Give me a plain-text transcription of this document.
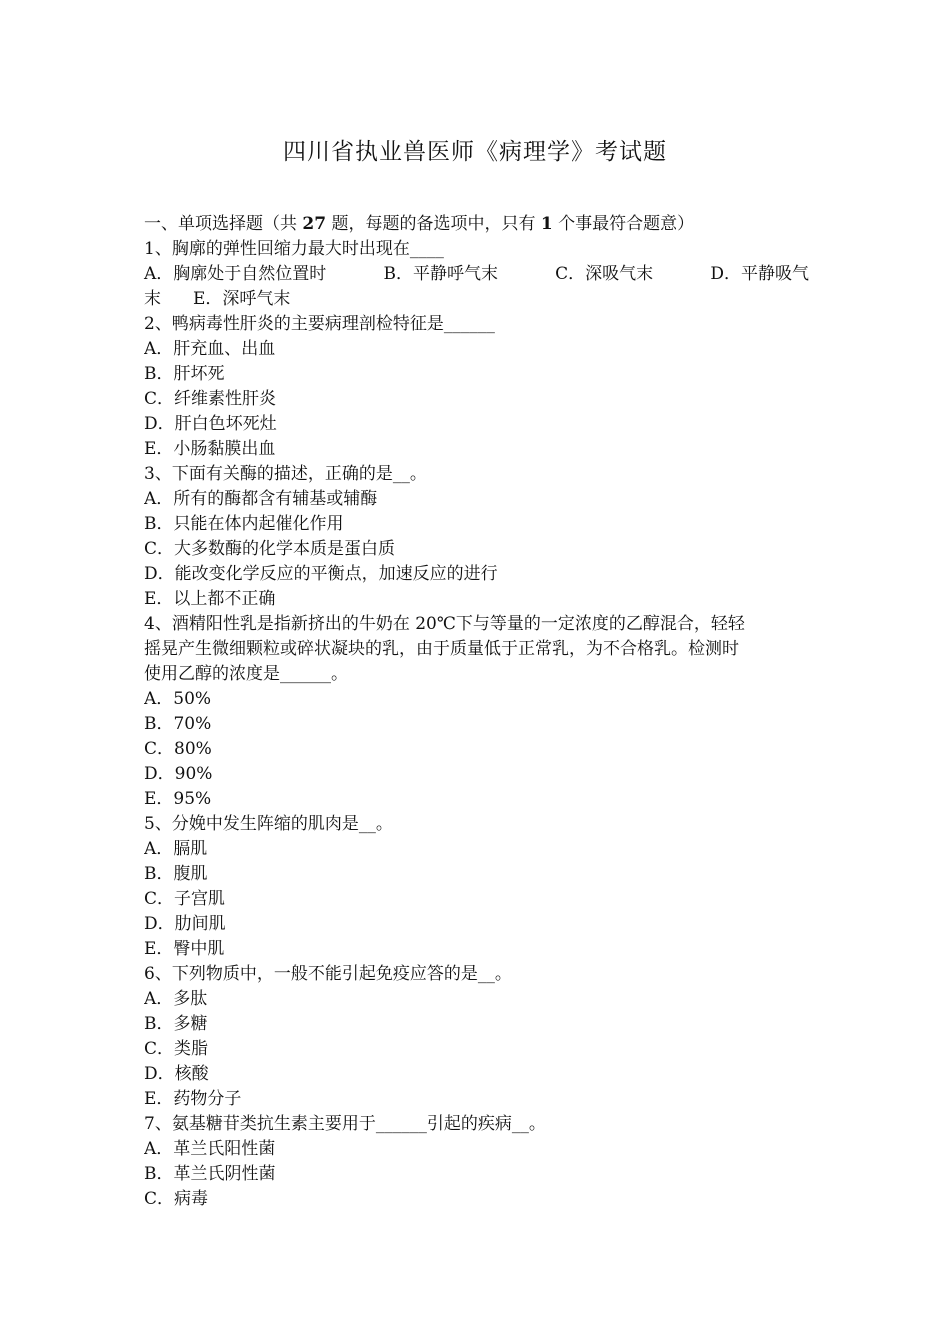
四川省执业兽医师《病理学》考试题
一、单项选择题（共 27 题，每题的备选项中，只有 1 个事最符合题意）
1、胸廓的弹性回缩力最大时出现在____
A．胸廓处于自然位置时	B．平静呼气末	C．深吸气末	D．平静吸气
末 E．深呼气末
2、鸭病毒性肝炎的主要病理剖检特征是______
A．肝充血、出血
B．肝坏死
C．纤维素性肝炎
D．肝白色坏死灶
E．小肠黏膜出血
3、下面有关酶的描述，正确的是__。
A．所有的酶都含有辅基或辅酶
B．只能在体内起催化作用
C．大多数酶的化学本质是蛋白质
D．能改变化学反应的平衡点，加速反应的进行
E．以上都不正确
4、酒精阳性乳是指新挤出的牛奶在 20℃下与等量的一定浓度的乙醇混合，轻轻
摇晃产生微细颗粒或碎状凝块的乳，由于质量低于正常乳，为不合格乳。检测时
使用乙醇的浓度是______。
A．50%
B．70%
C．80%
D．90%
E．95%
5、分娩中发生阵缩的肌肉是__。
A．膈肌
B．腹肌
C．子宫肌
D．肋间肌
E．臀中肌
6、下列物质中，一般不能引起免疫应答的是__。
A．多肽
B．多糖
C．类脂
D．核酸
E．药物分子
7、氨基糖苷类抗生素主要用于______引起的疾病__。
A．革兰氏阳性菌
B．革兰氏阴性菌
C．病毒
